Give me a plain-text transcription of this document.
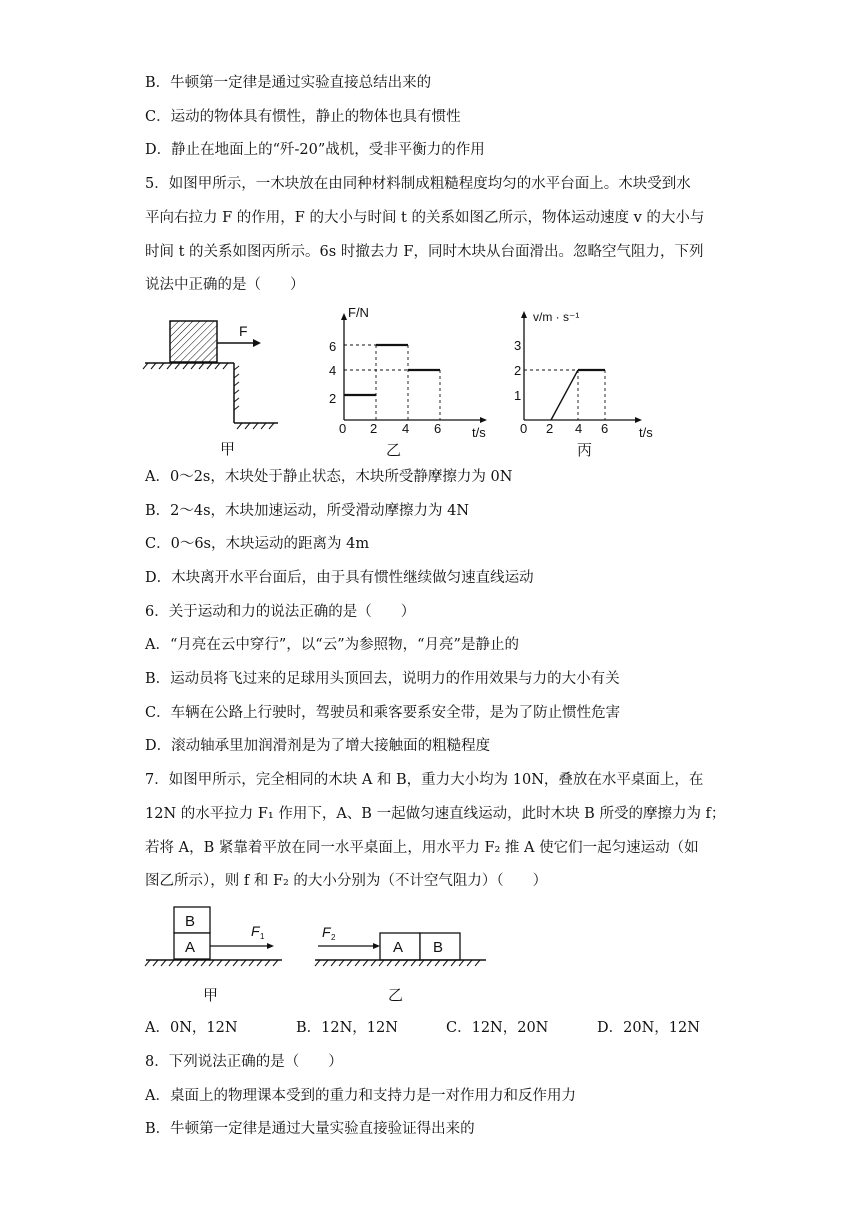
B．牛顿第一定律是通过实验直接总结出来的
C．运动的物体具有惯性，静止的物体也具有惯性
D．静止在地面上的“歼-20”战机，受非平衡力的作用
5．如图甲所示，一木块放在由同种材料制成粗糙程度均匀的水平台面上。木块受到水
平向右拉力 F 的作用，F 的大小与时间 t 的关系如图乙所示，物体运动速度 v 的大小与
时间 t 的关系如图丙所示。6s 时撤去力 F，同时木块从台面滑出。忽略空气阻力，下列
说法中正确的是（　　）
F
甲
F/N
t/s
2
4
6
0 2 4 6
乙
v/m · s⁻¹
t/s
1
2
3
0 2 4 6
丙
A．0～2s，木块处于静止状态，木块所受静摩擦力为 0N
B．2～4s，木块加速运动，所受滑动摩擦力为 4N
C．0～6s，木块运动的距离为 4m
D．木块离开水平台面后，由于具有惯性继续做匀速直线运动
6．关于运动和力的说法正确的是（　　）
A．“月亮在云中穿行”，以“云”为参照物，“月亮”是静止的
B．运动员将飞过来的足球用头顶回去，说明力的作用效果与力的大小有关
C．车辆在公路上行驶时，驾驶员和乘客要系安全带，是为了防止惯性危害
D．滚动轴承里加润滑剂是为了增大接触面的粗糙程度
7．如图甲所示，完全相同的木块 A 和 B，重力大小均为 10N，叠放在水平桌面上，在
12N 的水平拉力 F₁ 作用下，A、B 一起做匀速直线运动，此时木块 B 所受的摩擦力为 f；
若将 A，B 紧靠着平放在同一水平桌面上，用水平力 F₂ 推 A 使它们一起匀速运动（如
图乙所示），则 f 和 F₂ 的大小分别为（不计空气阻力）（　　）
B
A
F 1
甲
F 2
A B
乙
A．0N，12N	B．12N，12N	C．12N，20N	D．20N，12N
8．下列说法正确的是（　　）
A．桌面上的物理课本受到的重力和支持力是一对作用力和反作用力
B．牛顿第一定律是通过大量实验直接验证得出来的
